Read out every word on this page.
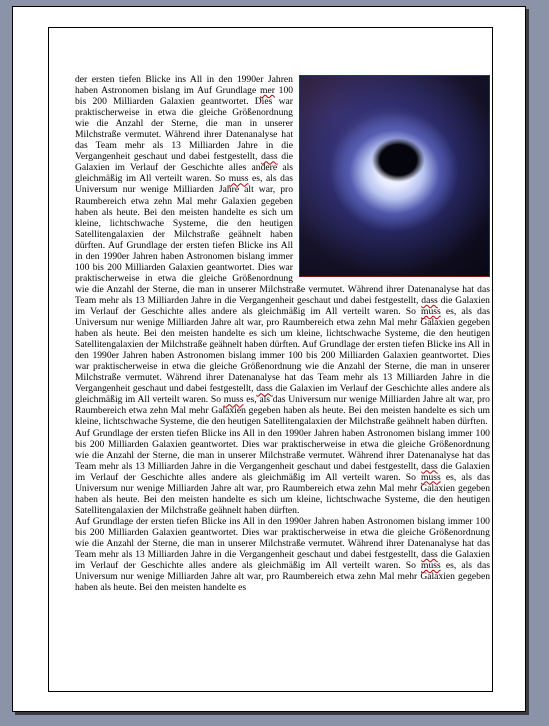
der ersten tiefen Blicke ins All in den 1990er Jahren haben Astronomen bislang im Auf Grundlage mer 100 bis 200 Milliarden Galaxien geantwortet. Dies war praktischerweise in etwa die gleiche Größenordnung wie die Anzahl der Sterne, die man in unserer Milchstraße vermutet. Während ihrer Datenanalyse hat das Team mehr als 13 Milliarden Jahre in die Vergangenheit geschaut und dabei festgestellt, dass die Galaxien im Verlauf der Geschichte alles andere als gleichmäßig im All verteilt waren. So muss es, als das Universum nur wenige Milliarden Jahre alt war, pro Raumbereich etwa zehn Mal mehr Galaxien gegeben haben als heute. Bei den meisten handelte es sich um kleine, lichtschwache Systeme, die den heutigen Satellitengalaxien der Milchstraße geähnelt haben dürften. Auf Grundlage der ersten tiefen Blicke ins All in den 1990er Jahren haben Astronomen bislang immer 100 bis 200 Milliarden Galaxien geantwortet. Dies war praktischerweise in etwa die gleiche Größenordnung wie die Anzahl der Sterne, die man in unserer Milchstraße vermutet. Während ihrer Datenanalyse hat das Team mehr als 13 Milliarden Jahre in die Vergangenheit geschaut und dabei festgestellt, dass die Galaxien im Verlauf der Geschichte alles andere als gleichmäßig im All verteilt waren. So muss es, als das Universum nur wenige Milliarden Jahre alt war, pro Raumbereich etwa zehn Mal mehr Galaxien gegeben haben als heute. Bei den meisten handelte es sich um kleine, lichtschwache Systeme, die den heutigen Satellitengalaxien der Milchstraße geähnelt haben dürften. Auf Grundlage der ersten tiefen Blicke ins All in den 1990er Jahren haben Astronomen bislang immer 100 bis 200 Milliarden Galaxien geantwortet. Dies war praktischerweise in etwa die gleiche Größenordnung wie die Anzahl der Sterne, die man in unserer Milchstraße vermutet. Während ihrer Datenanalyse hat das Team mehr als 13 Milliarden Jahre in die Vergangenheit geschaut und dabei festgestellt, dass die Galaxien im Verlauf der Geschichte alles andere als gleichmäßig im All verteilt waren. So muss es, als das Universum nur wenige Milliarden Jahre alt war, pro Raumbereich etwa zehn Mal mehr Galaxien gegeben haben als heute. Bei den meisten handelte es sich um kleine, lichtschwache Systeme, die den heutigen Satellitengalaxien der Milchstraße geähnelt haben dürften.

Auf Grundlage der ersten tiefen Blicke ins All in den 1990er Jahren haben Astronomen bislang immer 100 bis 200 Milliarden Galaxien geantwortet. Dies war praktischerweise in etwa die gleiche Größenordnung wie die Anzahl der Sterne, die man in unserer Milchstraße vermutet. Während ihrer Datenanalyse hat das Team mehr als 13 Milliarden Jahre in die Vergangenheit geschaut und dabei festgestellt, dass die Galaxien im Verlauf der Geschichte alles andere als gleichmäßig im All verteilt waren. So muss es, als das Universum nur wenige Milliarden Jahre alt war, pro Raumbereich etwa zehn Mal mehr Galaxien gegeben haben als heute. Bei den meisten handelte es sich um kleine, lichtschwache Systeme, die den heutigen Satellitengalaxien der Milchstraße geähnelt haben dürften.

Auf Grundlage der ersten tiefen Blicke ins All in den 1990er Jahren haben Astronomen bislang immer 100 bis 200 Milliarden Galaxien geantwortet. Dies war praktischerweise in etwa die gleiche Größenordnung wie die Anzahl der Sterne, die man in unserer Milchstraße vermutet. Während ihrer Datenanalyse hat das Team mehr als 13 Milliarden Jahre in die Vergangenheit geschaut und dabei festgestellt, dass die Galaxien im Verlauf der Geschichte alles andere als gleichmäßig im All verteilt waren. So muss es, als das Universum nur wenige Milliarden Jahre alt war, pro Raumbereich etwa zehn Mal mehr Galaxien gegeben haben als heute. Bei den meisten handelte es
